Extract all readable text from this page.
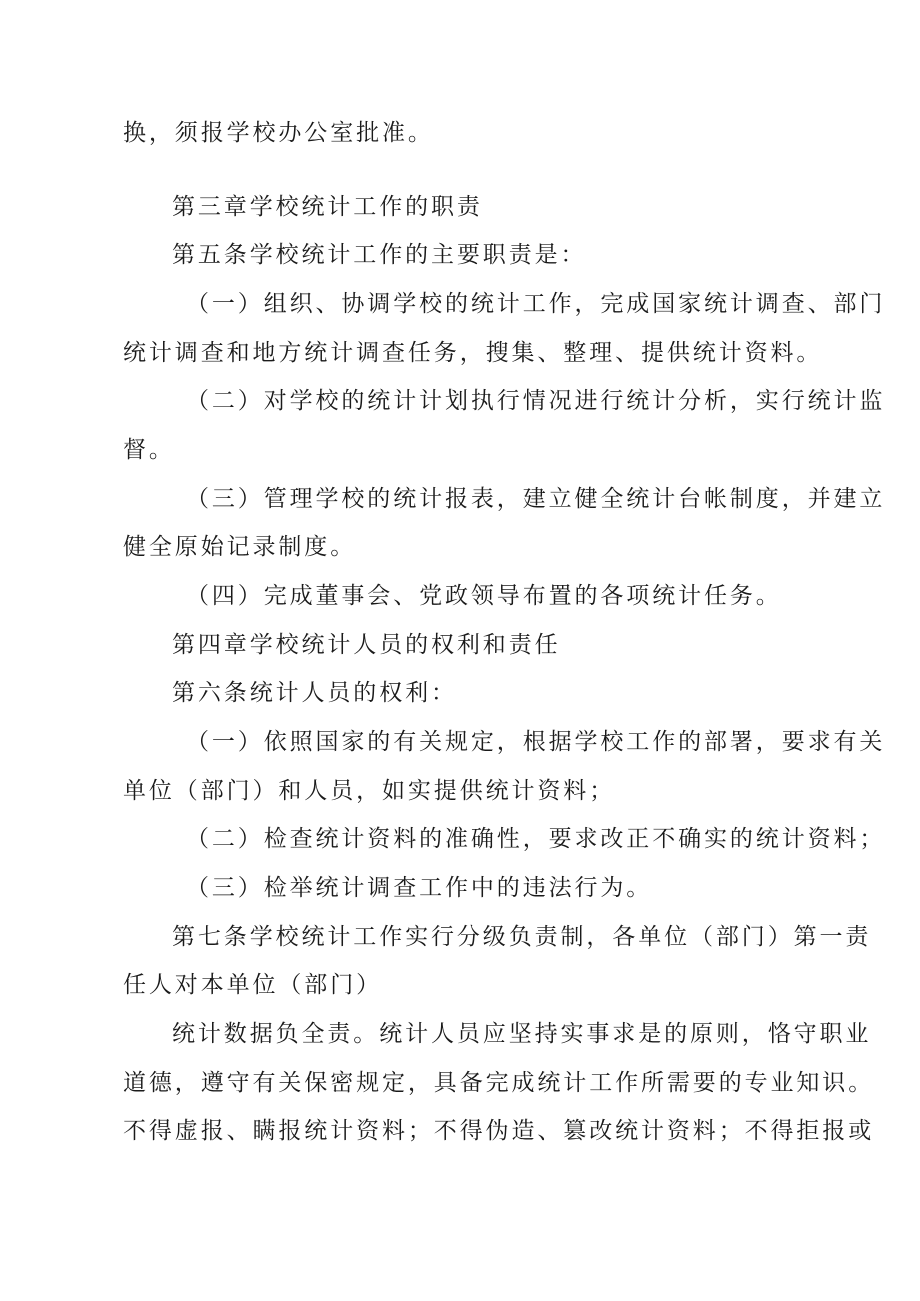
换，须报学校办公室批准。
第三章学校统计工作的职责
第五条学校统计工作的主要职责是：
（一）组织、协调学校的统计工作，完成国家统计调查、部门
统计调查和地方统计调查任务，搜集、整理、提供统计资料。
（二）对学校的统计计划执行情况进行统计分析，实行统计监
督。
（三）管理学校的统计报表，建立健全统计台帐制度，并建立
健全原始记录制度。
（四）完成董事会、党政领导布置的各项统计任务。
第四章学校统计人员的权利和责任
第六条统计人员的权利：
（一）依照国家的有关规定，根据学校工作的部署，要求有关
单位（部门）和人员，如实提供统计资料；
（二）检查统计资料的准确性，要求改正不确实的统计资料；
（三）检举统计调查工作中的违法行为。
第七条学校统计工作实行分级负责制，各单位（部门）第一责
任人对本单位（部门）
统计数据负全责。统计人员应坚持实事求是的原则，恪守职业
道德，遵守有关保密规定，具备完成统计工作所需要的专业知识。
不得虚报、瞒报统计资料；不得伪造、篡改统计资料；不得拒报或
